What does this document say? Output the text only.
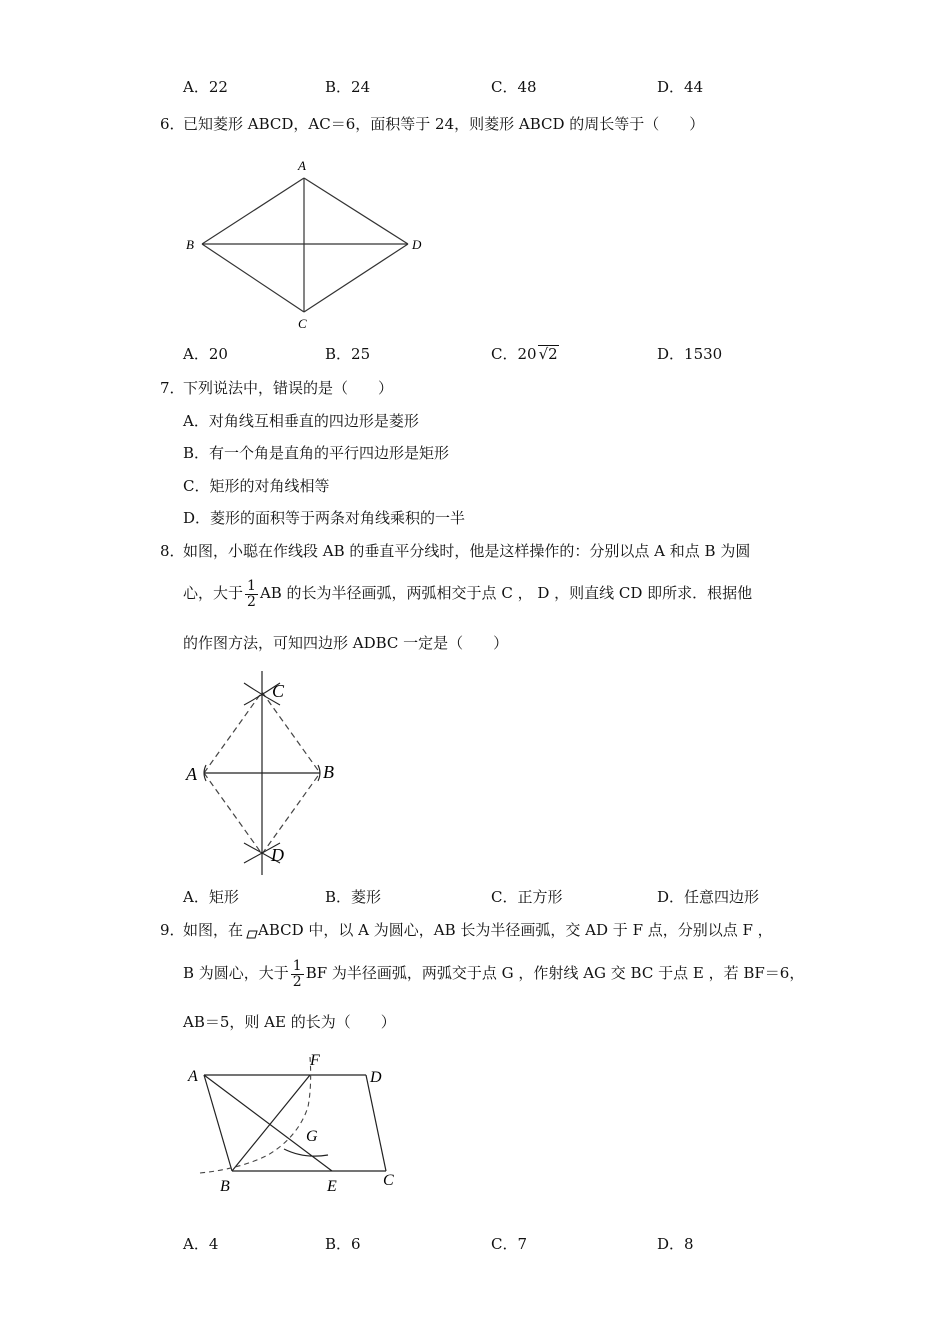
A．22	B．24	C．48	D．44
6．
已知菱形 ABCD，AC＝6，面积等于 24，则菱形 ABCD 的周长等于（　　）
A
B
C
D
A．20	B．25	C．20 √2	D．1530
7．
下列说法中，错误的是（　　）
A．对角线互相垂直的四边形是菱形
B．有一个角是直角的平行四边形是矩形
C．矩形的对角线相等
D．菱形的面积等于两条对角线乘积的一半
8．
如图，小聪在作线段 AB 的垂直平分线时，他是这样操作的：分别以点 A 和点 B 为圆
心，大于 $\frac{1}{2}$ AB 的长为半径画弧，两弧相交于点 C ， D ，则直线 CD 即所求．根据他
的作图方法，可知四边形 ADBC 一定是（　　）
C
A	B
D
A．矩形	B．菱形	C．正方形	D．任意四边形
9．
如图，在　ABCD 中，以 A 为圆心，AB 长为半径画弧，交 AD 于 F 点，分别以点 F ，
B 为圆心，大于 $\frac{1}{2}$ BF 为半径画弧，两弧交于点 G ，作射线 AG 交 BC 于点 E ，若 BF＝6，
AB＝5，则 AE 的长为（　　）
A
F
D
G
B	E	C
A．4	B．6	C．7	D．8
